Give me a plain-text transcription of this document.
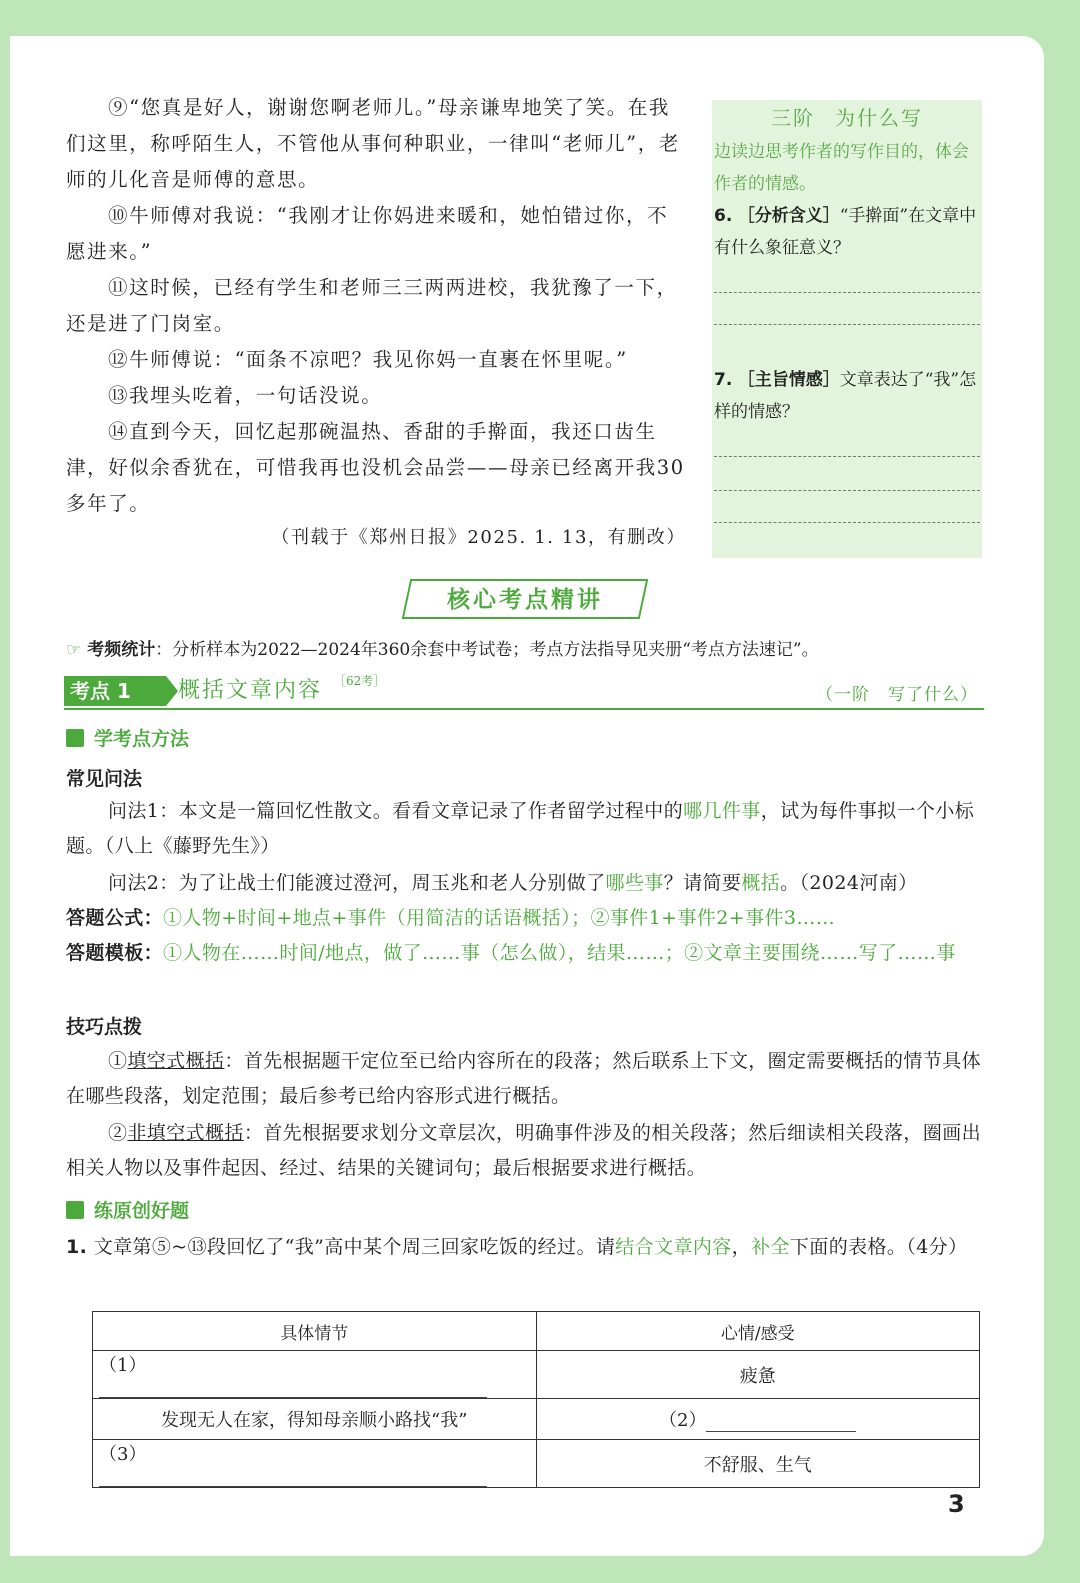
⑨“您真是好人，谢谢您啊老师儿。”母亲谦卑地笑了笑。在我们这里，称呼陌生人，不管他从事何种职业，一律叫“老师儿”，老师的儿化音是师傅的意思。
⑩牛师傅对我说：“我刚才让你妈进来暖和，她怕错过你，不愿进来。”
⑪这时候，已经有学生和老师三三两两进校，我犹豫了一下，还是进了门岗室。
⑫牛师傅说：“面条不凉吧？我见你妈一直裹在怀里呢。”
⑬我埋头吃着，一句话没说。
⑭直到今天，回忆起那碗温热、香甜的手擀面，我还口齿生津，好似余香犹在，可惜我再也没机会品尝——母亲已经离开我30多年了。
（刊载于《郑州日报》2025. 1. 13，有删改）
三阶 为什么写
边读边思考作者的写作目的，体会作者的情感。
6. ［分析含义］“手擀面”在文章中有什么象征意义？
7. ［主旨情感］文章表达了“我”怎样的情感？
核心考点精讲
☞ 考频统计：分析样本为2022—2024年360余套中考试卷；考点方法指导见夹册“考点方法速记”。
考点 1	概括文章内容 ［62考］
（一阶　写了什么）
学考点方法
常见问法
问法1：本文是一篇回忆性散文。看看文章记录了作者留学过程中的哪几件事，试为每件事拟一个小标题。（八上《藤野先生》）
问法2：为了让战士们能渡过澄河，周玉兆和老人分别做了哪些事？请简要概括。（2024河南）
答题公式：①人物+时间+地点+事件（用简洁的话语概括）；②事件1+事件2+事件3……
答题模板：①人物在……时间/地点，做了……事（怎么做），结果……；②文章主要围绕……写了……事
技巧点拨
①填空式概括：首先根据题干定位至已给内容所在的段落；然后联系上下文，圈定需要概括的情节具体在哪些段落，划定范围；最后参考已给内容形式进行概括。
②非填空式概括：首先根据要求划分文章层次，明确事件涉及的相关段落；然后细读相关段落，圈画出相关人物以及事件起因、经过、结果的关键词句；最后根据要求进行概括。
练原创好题
1. 文章第⑤~⑬段回忆了“我”高中某个周三回家吃饭的经过。请结合文章内容，补全下面的表格。（4分）
具体情节	心情/感受
（1）	疲惫
发现无人在家，得知母亲顺小路找“我”	（2）
（3）	不舒服、生气
3
